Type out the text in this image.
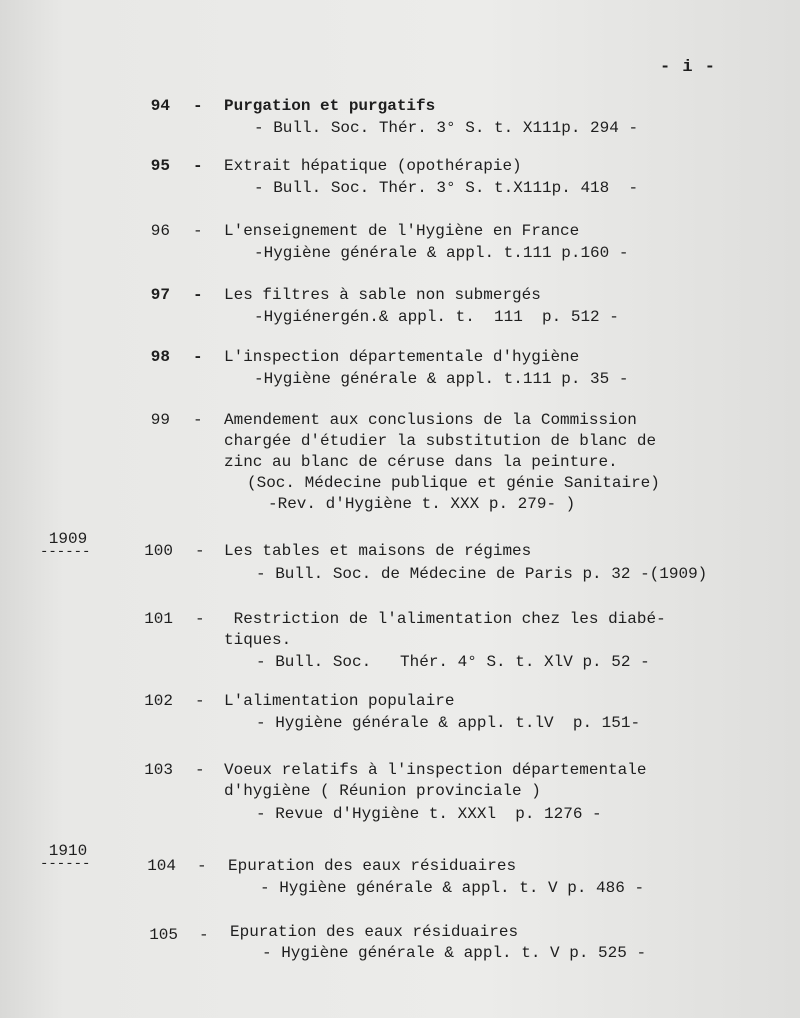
- i -
1909
------
1910
------
94 - Purgation et purgatifs
- Bull. Soc. Thér. 3° S. t. X111p. 294 -
95 - Extrait hépatique (opothérapie)
- Bull. Soc. Thér. 3° S. t.X111p. 418  -
96 - L'enseignement de l'Hygiène en France
-Hygiène générale & appl. t.111 p.160 -
97 - Les filtres à sable non submergés
-Hygiénergén.& appl. t.  111  p. 512 -
98 - L'inspection départementale d'hygiène
-Hygiène générale & appl. t.111 p. 35 -
99 - Amendement aux conclusions de la Commission
chargée d'étudier la substitution de blanc de
zinc au blanc de céruse dans la peinture.
(Soc. Médecine publique et génie Sanitaire)
-Rev. d'Hygiène t. XXX p. 279- )
100 - Les tables et maisons de régimes
- Bull. Soc. de Médecine de Paris p. 32 -(1909)
101 - Restriction de l'alimentation chez les diabé-
tiques.
- Bull. Soc.   Thér. 4° S. t. XlV p. 52 -
102 - L'alimentation populaire
- Hygiène générale & appl. t.lV  p. 151-
103 - Voeux relatifs à l'inspection départementale
d'hygiène ( Réunion provinciale )
- Revue d'Hygiène t. XXXl  p. 1276 -
104 - Epuration des eaux résiduaires
- Hygiène générale & appl. t. V p. 486 -
105 - Epuration des eaux résiduaires
- Hygiène générale & appl. t. V p. 525 -
